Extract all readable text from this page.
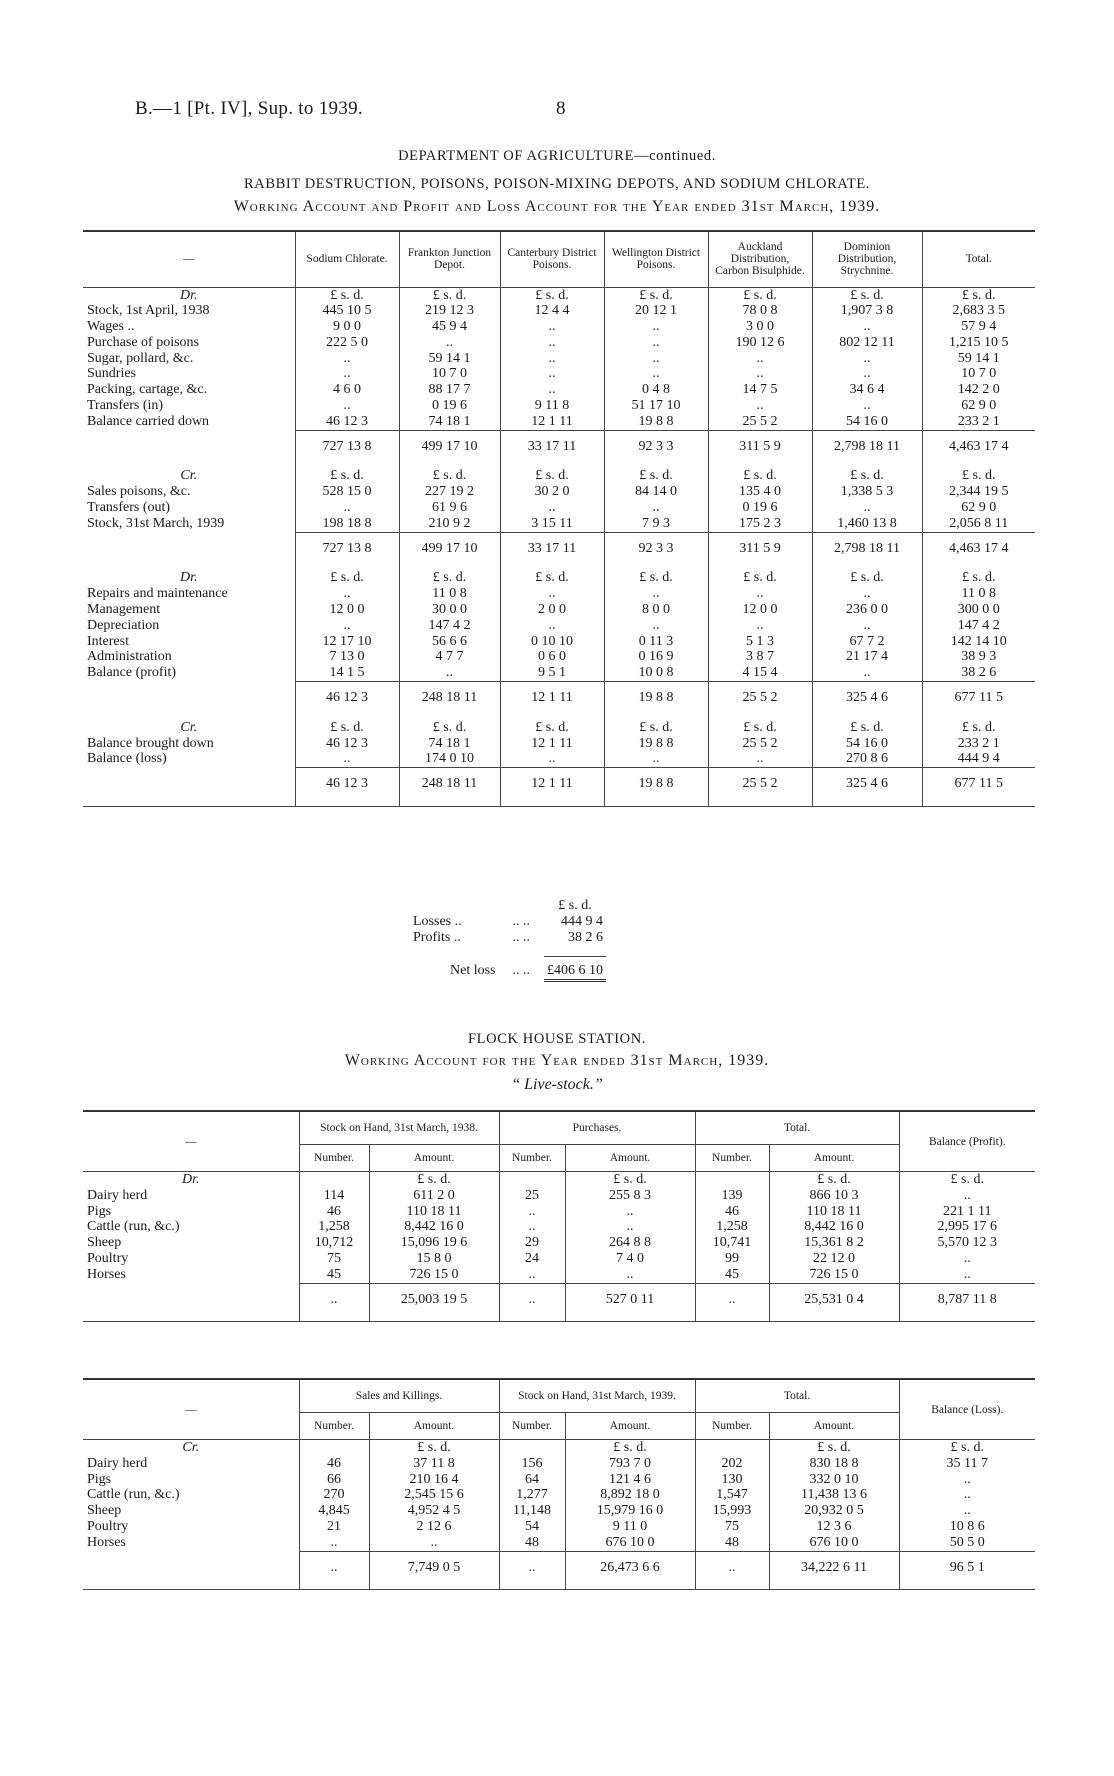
B.—1 [Pt. IV], Sup. to 1939.	8
DEPARTMENT OF AGRICULTURE—continued.
RABBIT DESTRUCTION, POISONS, POISON-MIXING DEPOTS, AND SODIUM CHLORATE.
Working Account and Profit and Loss Account for the Year ended 31st March, 1939.
—	Sodium Chlorate.	Frankton Junction Depot.	Canterbury District Poisons.	Wellington District Poisons.	Auckland Distribution, Carbon Bisulphide.	Dominion Distribution, Strychnine.	Total.
Dr.	£ s. d.	£ s. d.	£ s. d.	£ s. d.	£ s. d.	£ s. d.	£ s. d.
Stock, 1st April, 1938	445 10 5	219 12 3	12 4 4	20 12 1	78 0 8	1,907 3 8	2,683 3 5
Wages ..	9 0 0	45 9 4	..	..	3 0 0	..	57 9 4
Purchase of poisons	222 5 0	..	..	..	190 12 6	802 12 11	1,215 10 5
Sugar, pollard, &c.	..	59 14 1	..	..	..	..	59 14 1
Sundries	..	10 7 0	..	..	..	..	10 7 0
Packing, cartage, &c.	4 6 0	88 17 7	..	0 4 8	14 7 5	34 6 4	142 2 0
Transfers (in)	..	0 19 6	9 11 8	51 17 10	..	..	62 9 0
Balance carried down	46 12 3	74 18 1	12 1 11	19 8 8	25 5 2	54 16 0	233 2 1
	727 13 8	499 17 10	33 17 11	92 3 3	311 5 9	2,798 18 11	4,463 17 4
Cr.	£ s. d.	£ s. d.	£ s. d.	£ s. d.	£ s. d.	£ s. d.	£ s. d.
Sales poisons, &c.	528 15 0	227 19 2	30 2 0	84 14 0	135 4 0	1,338 5 3	2,344 19 5
Transfers (out)	..	61 9 6	..	..	0 19 6	..	62 9 0
Stock, 31st March, 1939	198 18 8	210 9 2	3 15 11	7 9 3	175 2 3	1,460 13 8	2,056 8 11
	727 13 8	499 17 10	33 17 11	92 3 3	311 5 9	2,798 18 11	4,463 17 4
Dr.	£ s. d.	£ s. d.	£ s. d.	£ s. d.	£ s. d.	£ s. d.	£ s. d.
Repairs and maintenance	..	11 0 8	..	..	..	..	11 0 8
Management	12 0 0	30 0 0	2 0 0	8 0 0	12 0 0	236 0 0	300 0 0
Depreciation	..	147 4 2	..	..	..	..	147 4 2
Interest	12 17 10	56 6 6	0 10 10	0 11 3	5 1 3	67 7 2	142 14 10
Administration	7 13 0	4 7 7	0 6 0	0 16 9	3 8 7	21 17 4	38 9 3
Balance (profit)	14 1 5	..	9 5 1	10 0 8	4 15 4	..	38 2 6
	46 12 3	248 18 11	12 1 11	19 8 8	25 5 2	325 4 6	677 11 5
Cr.	£ s. d.	£ s. d.	£ s. d.	£ s. d.	£ s. d.	£ s. d.	£ s. d.
Balance brought down	46 12 3	74 18 1	12 1 11	19 8 8	25 5 2	54 16 0	233 2 1
Balance (loss)	..	174 0 10	..	..	..	270 8 6	444 9 4
	46 12 3	248 18 11	12 1 11	19 8 8	25 5 2	325 4 6	677 11 5

		£ s. d.
Losses ..	.. ..	444 9 4
Profits ..	.. ..	38 2 6

Net loss	.. ..	£406 6 10
FLOCK HOUSE STATION.
Working Account for the Year ended 31st March, 1939.
“ Live-stock.”
—	Stock on Hand, 31st March, 1938.		Purchases.		Total.		Balance (Profit).
	Number.	Amount.	Number.	Amount.	Number.	Amount.	

Dr.		£ s. d.		£ s. d.		£ s. d.	£ s. d.
Dairy herd	114	611 2 0	25	255 8 3	139	866 10 3	..
Pigs	46	110 18 11	..	..	46	110 18 11	221 1 11
Cattle (run, &c.)	1,258	8,442 16 0	..	..	1,258	8,442 16 0	2,995 17 6
Sheep	10,712	15,096 19 6	29	264 8 8	10,741	15,361 8 2	5,570 12 3
Poultry	75	15 8 0	24	7 4 0	99	22 12 0	..
Horses	45	726 15 0	..	..	45	726 15 0	..
	..	25,003 19 5	..	527 0 11	..	25,531 0 4	8,787 11 8

—	Sales and Killings.		Stock on Hand, 31st March, 1939.		Total.		Balance (Loss).
	Number.	Amount.	Number.	Amount.	Number.	Amount.	

Cr.		£ s. d.		£ s. d.		£ s. d.	£ s. d.
Dairy herd	46	37 11 8	156	793 7 0	202	830 18 8	35 11 7
Pigs	66	210 16 4	64	121 4 6	130	332 0 10	..
Cattle (run, &c.)	270	2,545 15 6	1,277	8,892 18 0	1,547	11,438 13 6	..
Sheep	4,845	4,952 4 5	11,148	15,979 16 0	15,993	20,932 0 5	..
Poultry	21	2 12 6	54	9 11 0	75	12 3 6	10 8 6
Horses	..	..	48	676 10 0	48	676 10 0	50 5 0
	..	7,749 0 5	..	26,473 6 6	..	34,222 6 11	96 5 1
